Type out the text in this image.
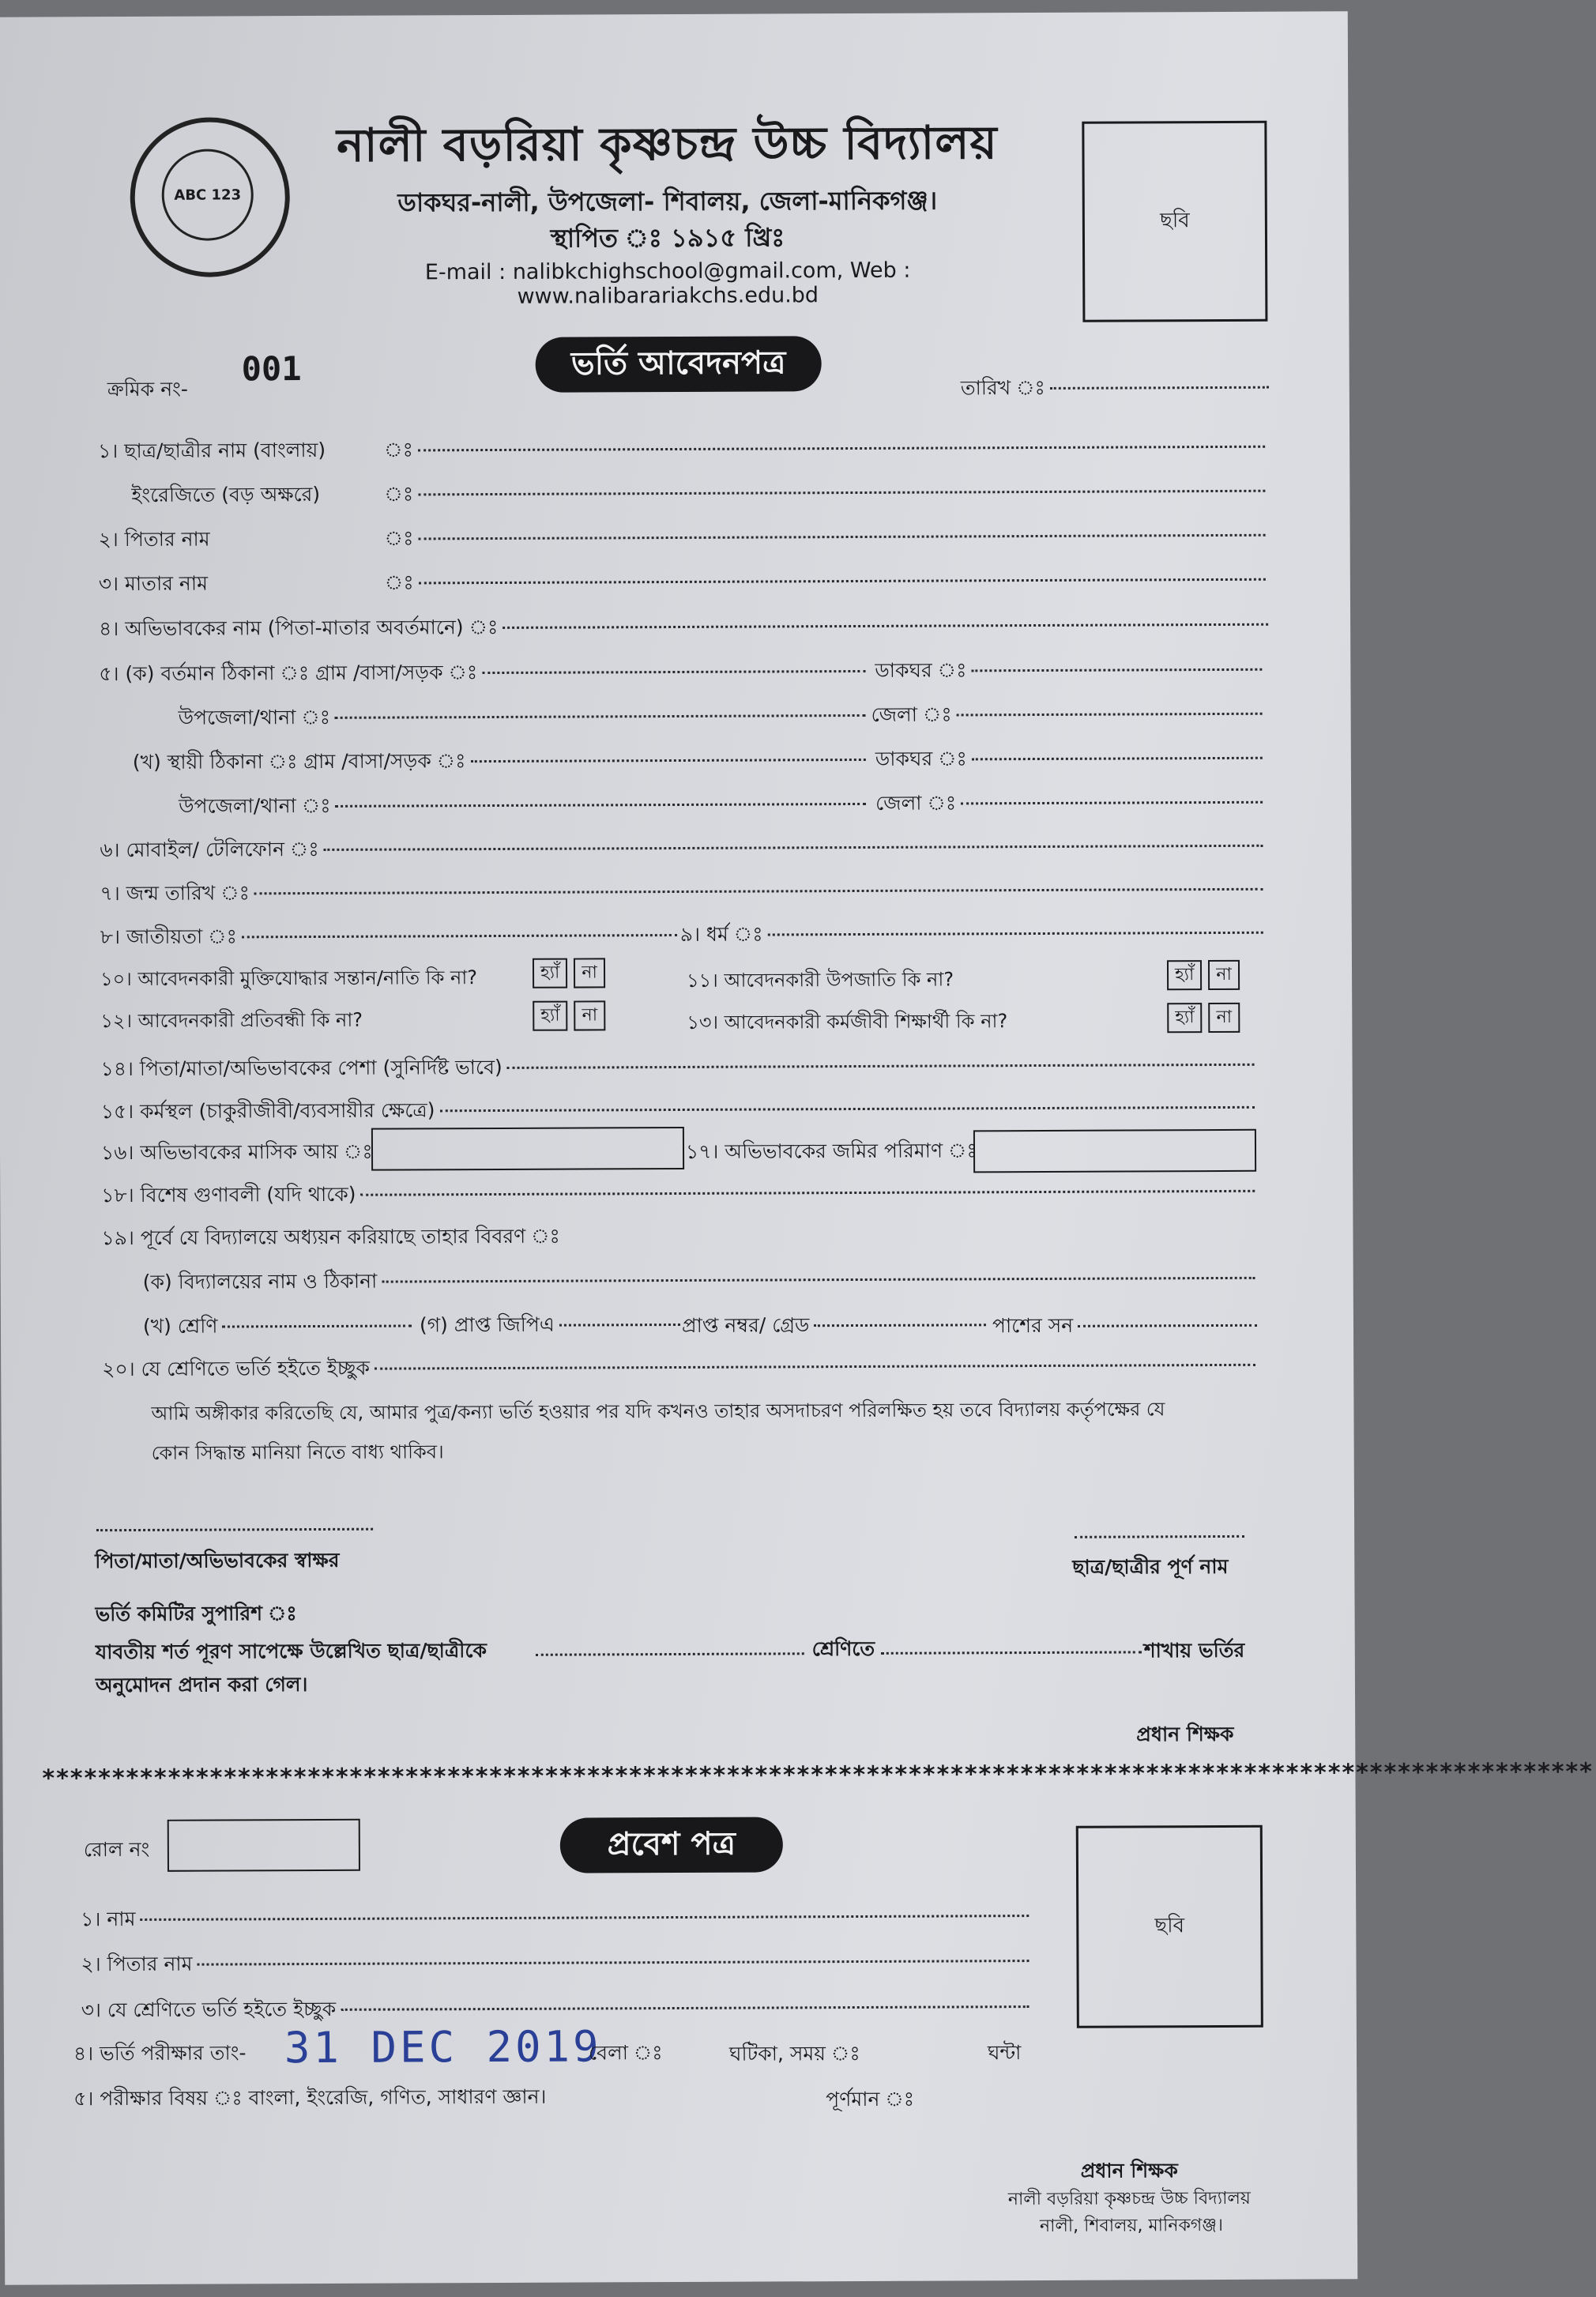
ABC 123
নালী বড়রিয়া কৃষ্ণচন্দ্র উচ্চ বিদ্যালয়
ডাকঘর-নালী, উপজেলা- শিবালয়, জেলা-মানিকগঞ্জ।
স্থাপিত ঃ ১৯১৫ খ্রিঃ
E-mail : nalibkchighschool@gmail.com, Web : www.nalibarariakchs.edu.bd
ছবি
ক্রমিক নং-
001	ভর্তি আবেদনপত্র
তারিখ ঃ
১। ছাত্র/ছাত্রীর নাম (বাংলায়)	ঃ
ইংরেজিতে (বড় অক্ষরে)	ঃ
২। পিতার নাম	ঃ
৩। মাতার নাম	ঃ
৪। অভিভাবকের নাম (পিতা-মাতার অবর্তমানে) ঃ
৫। (ক) বর্তমান ঠিকানা ঃ গ্রাম /বাসা/সড়ক ঃ	ডাকঘর ঃ
উপজেলা/থানা ঃ	জেলা ঃ
(খ) স্থায়ী ঠিকানা ঃ গ্রাম /বাসা/সড়ক ঃ	ডাকঘর ঃ
উপজেলা/থানা ঃ	জেলা ঃ
৬। মোবাইল/ টেলিফোন ঃ
৭। জন্ম তারিখ ঃ
৮। জাতীয়তা ঃ	৯। ধর্ম ঃ
১০। আবেদনকারী মুক্তিযোদ্ধার সন্তান/নাতি কি না?	হ্যাঁ	না	১১। আবেদনকারী উপজাতি কি না?	হ্যাঁ	না
১২। আবেদনকারী প্রতিবন্ধী কি না?	হ্যাঁ	না	১৩। আবেদনকারী কর্মজীবী শিক্ষার্থী কি না?	হ্যাঁ	না
১৪। পিতা/মাতা/অভিভাবকের পেশা (সুনির্দিষ্ট ভাবে)
১৫। কর্মস্থল (চাকুরীজীবী/ব্যবসায়ীর ক্ষেত্রে)
১৬। অভিভাবকের মাসিক আয় ঃ	১৭। অভিভাবকের জমির পরিমাণ ঃ
১৮। বিশেষ গুণাবলী (যদি থাকে)
১৯। পূর্বে যে বিদ্যালয়ে অধ্যয়ন করিয়াছে তাহার বিবরণ ঃ
(ক) বিদ্যালয়ের নাম ও ঠিকানা
(খ) শ্রেণি	(গ) প্রাপ্ত জিপিএ	প্রাপ্ত নম্বর/ গ্রেড	পাশের সন
২০। যে শ্রেণিতে ভর্তি হইতে ইচ্ছুক
আমি অঙ্গীকার করিতেছি যে, আমার পুত্র/কন্যা ভর্তি হওয়ার পর যদি কখনও তাহার অসদাচরণ পরিলক্ষিত হয় তবে বিদ্যালয় কর্তৃপক্ষের যে
কোন সিদ্ধান্ত মানিয়া নিতে বাধ্য থাকিব।
পিতা/মাতা/অভিভাবকের স্বাক্ষর	ছাত্র/ছাত্রীর পূর্ণ নাম
ভর্তি কমিটির সুপারিশ ঃ
যাবতীয় শর্ত পূরণ সাপেক্ষে উল্লেখিত ছাত্র/ছাত্রীকে	শ্রেণিতে	শাখায় ভর্তির
অনুমোদন প্রদান করা গেল।
প্রধান শিক্ষক
***************************************************************************************************************
রোল নং	প্রবেশ পত্র
ছবি
১। নাম
২। পিতার নাম
৩। যে শ্রেণিতে ভর্তি হইতে ইচ্ছুক
৪। ভর্তি পরীক্ষার তাং- 31 DEC 2019
বেলা ঃ	ঘটিকা, সময় ঃ	ঘন্টা
৫। পরীক্ষার বিষয় ঃ বাংলা, ইংরেজি, গণিত, সাধারণ জ্ঞান।	পূর্ণমান ঃ
প্রধান শিক্ষক
নালী বড়রিয়া কৃষ্ণচন্দ্র উচ্চ বিদ্যালয়
নালী, শিবালয়, মানিকগঞ্জ।
